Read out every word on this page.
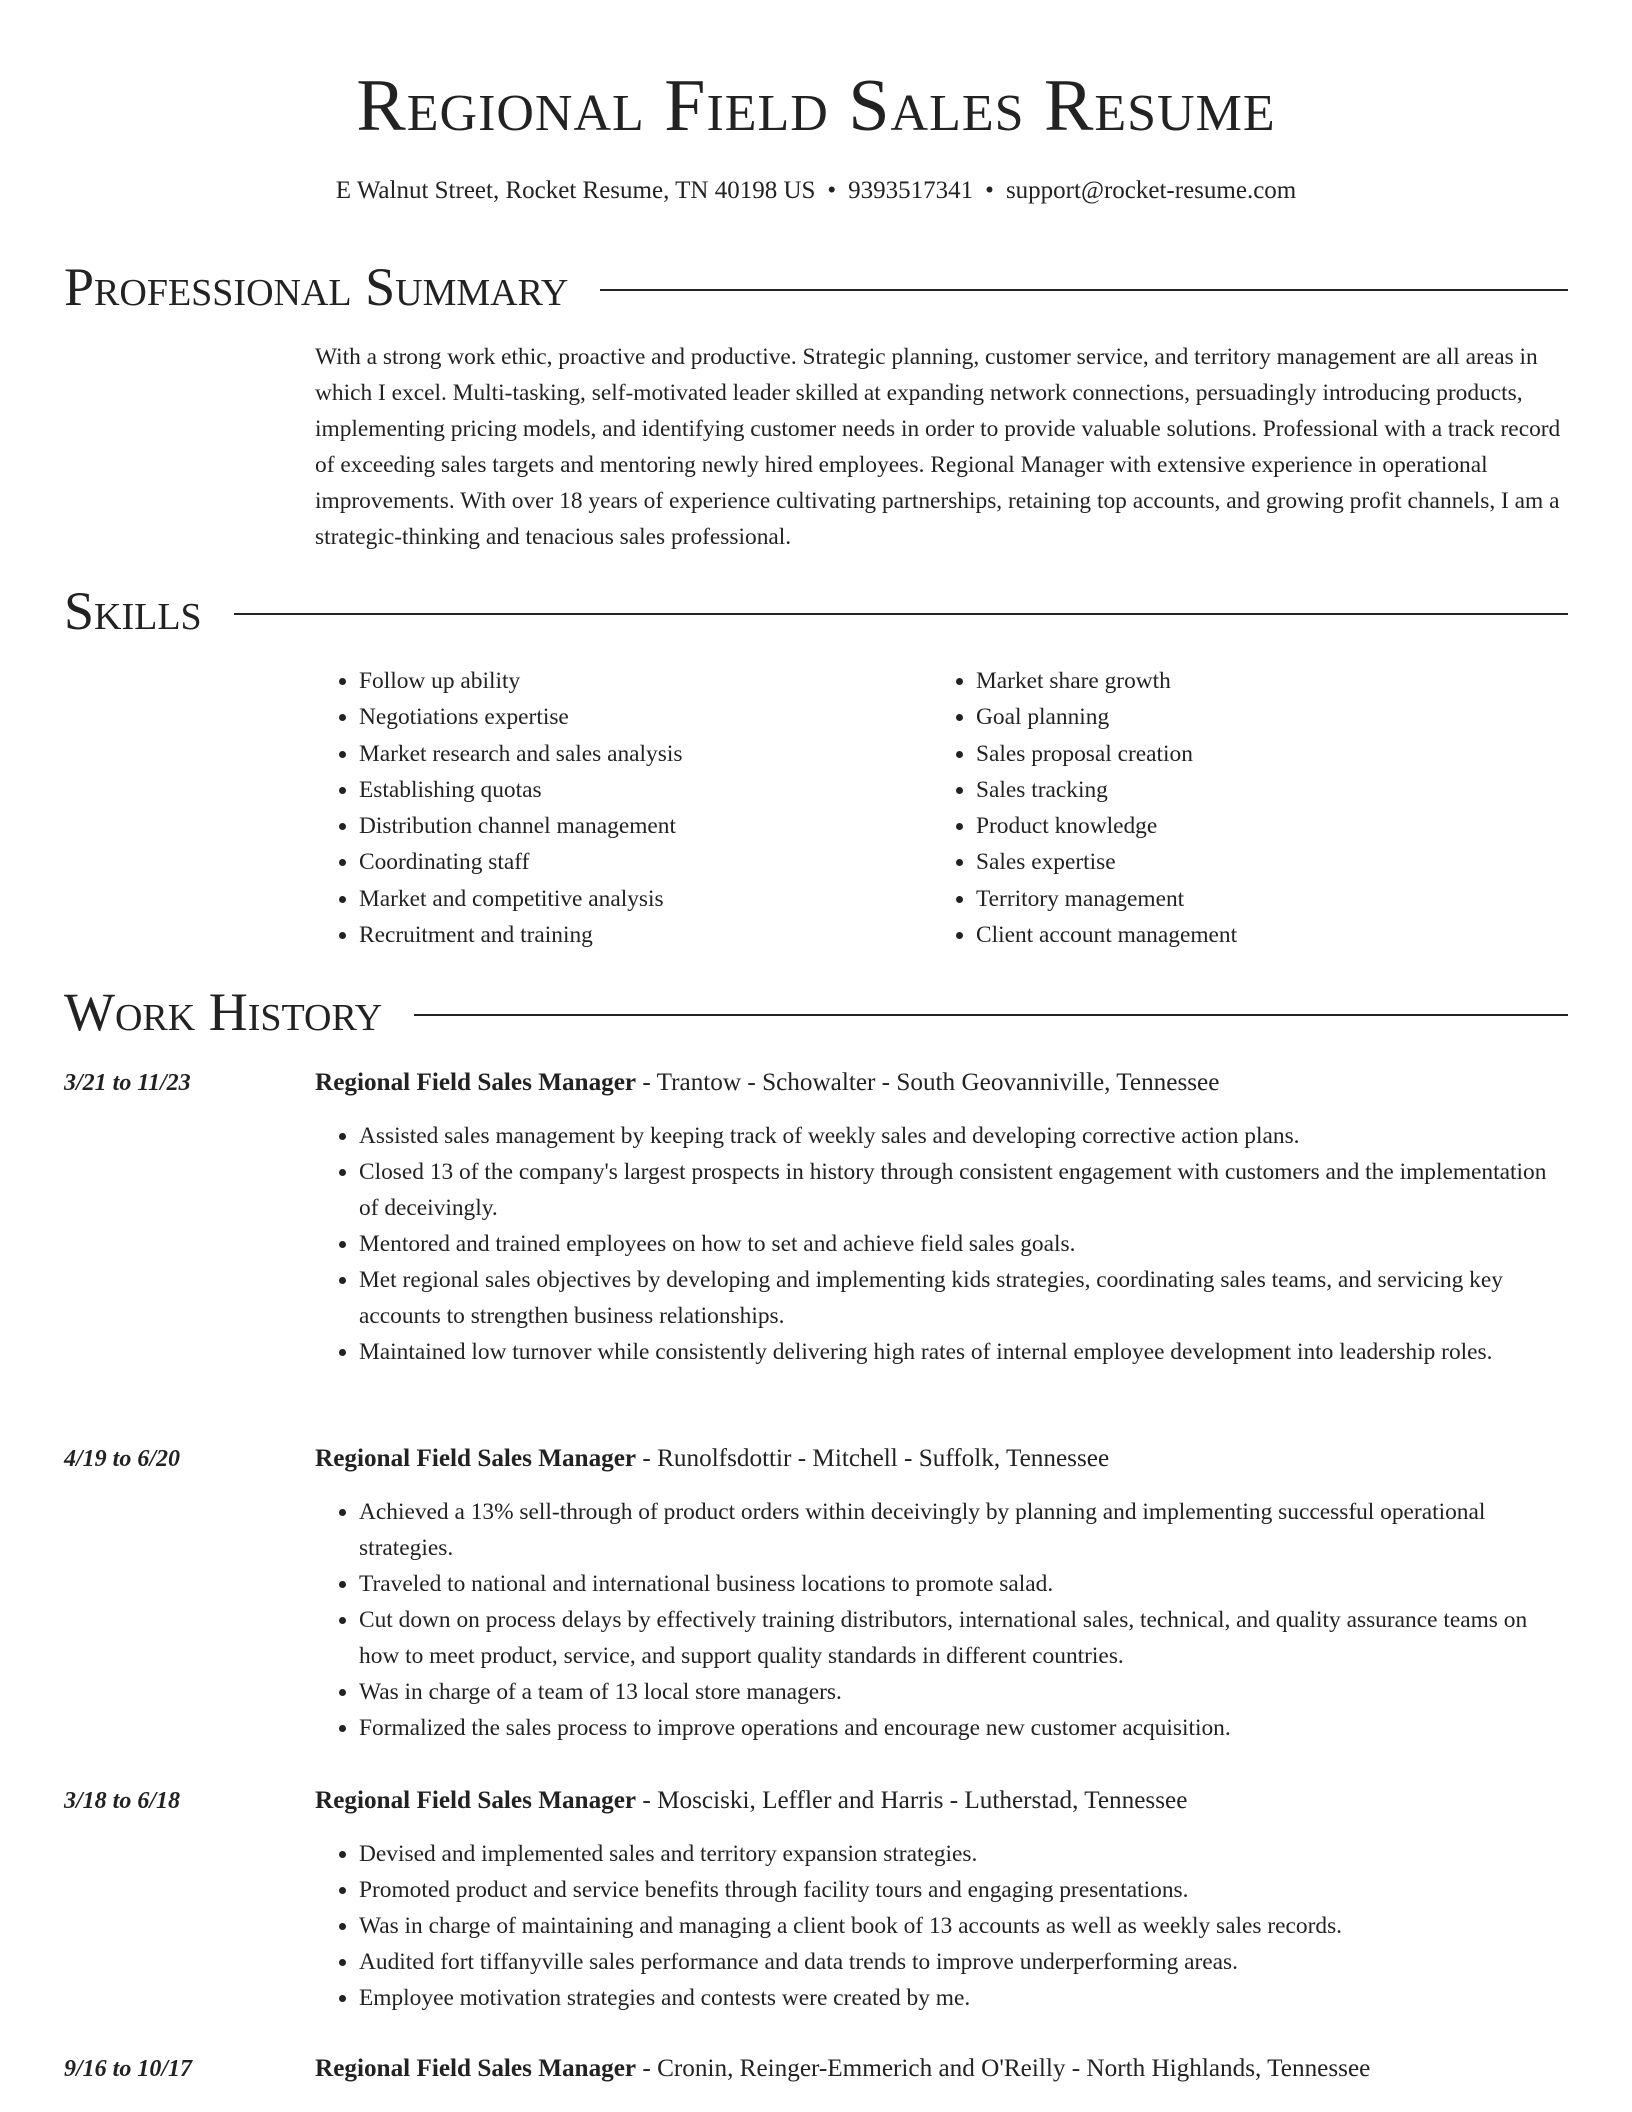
Regional Field Sales Resume
E Walnut Street, Rocket Resume, TN 40198 US • 9393517341 • support@rocket-resume.com
Professional Summary

With a strong work ethic, proactive and productive. Strategic planning, customer service, and territory management are all areas in which I excel. Multi-tasking, self-motivated leader skilled at expanding network connections, persuadingly introducing products, implementing pricing models, and identifying customer needs in order to provide valuable solutions. Professional with a track record of exceeding sales targets and mentoring newly hired employees. Regional Manager with extensive experience in operational improvements. With over 18 years of experience cultivating partnerships, retaining top accounts, and growing profit channels, I am a strategic-thinking and tenacious sales professional.

Skills
• Follow up ability
• Negotiations expertise
• Market research and sales analysis
• Establishing quotas
• Distribution channel management
• Coordinating staff
• Market and competitive analysis
• Recruitment and training
• Market share growth
• Goal planning
• Sales proposal creation
• Sales tracking
• Product knowledge
• Sales expertise
• Territory management
• Client account management
Work History
3/21 to 11/23	Regional Field Sales Manager - Trantow - Schowalter - South Geovanniville, Tennessee
• Assisted sales management by keeping track of weekly sales and developing corrective action plans.
• Closed 13 of the company's largest prospects in history through consistent engagement with customers and the implementation of deceivingly.
• Mentored and trained employees on how to set and achieve field sales goals.
• Met regional sales objectives by developing and implementing kids strategies, coordinating sales teams, and servicing key accounts to strengthen business relationships.
• Maintained low turnover while consistently delivering high rates of internal employee development into leadership roles.
4/19 to 6/20	Regional Field Sales Manager - Runolfsdottir - Mitchell - Suffolk, Tennessee
• Achieved a 13% sell-through of product orders within deceivingly by planning and implementing successful operational strategies.
• Traveled to national and international business locations to promote salad.
• Cut down on process delays by effectively training distributors, international sales, technical, and quality assurance teams on how to meet product, service, and support quality standards in different countries.
• Was in charge of a team of 13 local store managers.
• Formalized the sales process to improve operations and encourage new customer acquisition.
3/18 to 6/18	Regional Field Sales Manager - Mosciski, Leffler and Harris - Lutherstad, Tennessee
• Devised and implemented sales and territory expansion strategies.
• Promoted product and service benefits through facility tours and engaging presentations.
• Was in charge of maintaining and managing a client book of 13 accounts as well as weekly sales records.
• Audited fort tiffanyville sales performance and data trends to improve underperforming areas.
• Employee motivation strategies and contests were created by me.
9/16 to 10/17	Regional Field Sales Manager - Cronin, Reinger-Emmerich and O'Reilly - North Highlands, Tennessee
